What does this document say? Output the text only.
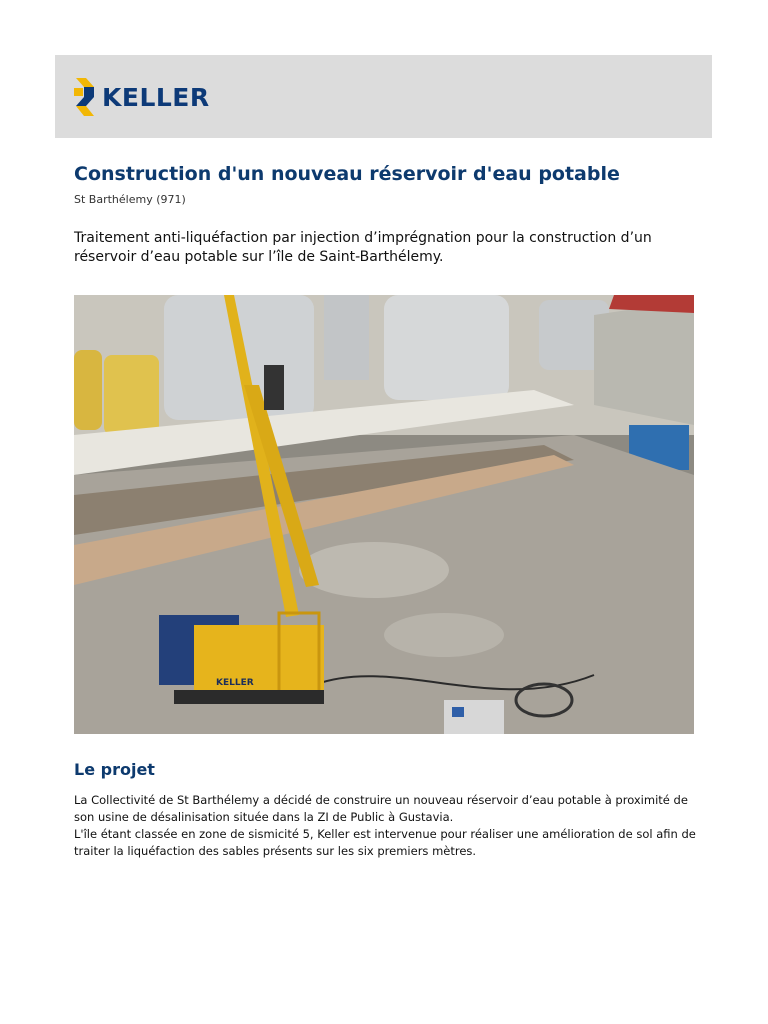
KELLER
Construction d'un nouveau réservoir d'eau potable
St Barthélemy (971)

Traitement anti-liquéfaction par injection d’imprégnation pour la construction d’un réservoir d’eau potable sur l’île de Saint-Barthélemy.

KELLER
Le projet

La Collectivité de St Barthélemy a décidé de construire un nouveau réservoir d’eau potable à proximité de son usine de désalinisation située dans la ZI de Public à Gustavia.

L'île étant classée en zone de sismicité 5, Keller est intervenue pour réaliser une amélioration de sol afin de traiter la liquéfaction des sables présents sur les six premiers mètres.
